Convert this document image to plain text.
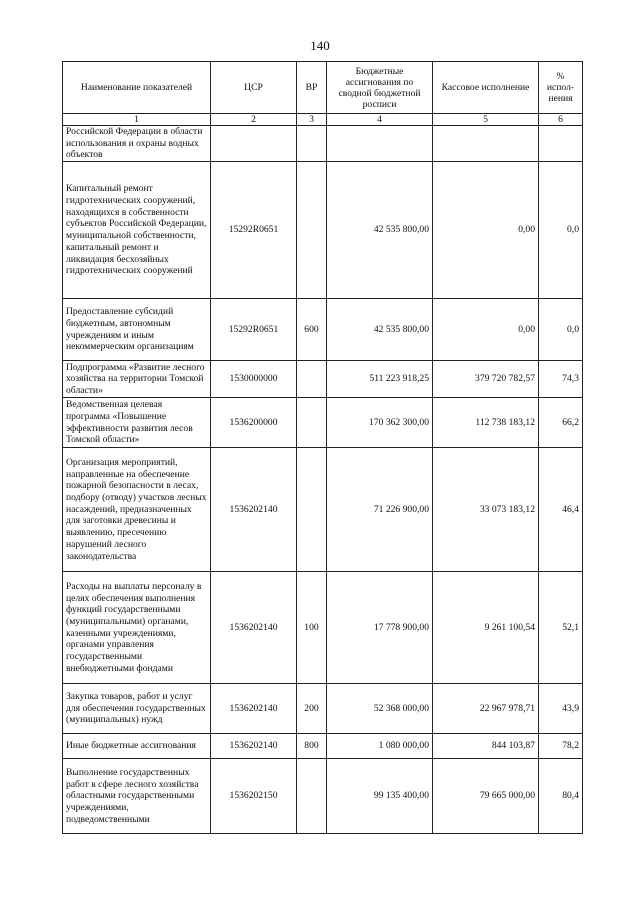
140
Наименование показателей	ЦСР	ВР	Бюджетные ассигнования по сводной бюджетной росписи	Кассовое исполнение	% испол-нения
1	2	3	4	5	6
Российской Федерации в области использования и охраны водных объектов					
Капитальный ремонт гидротехнических сооружений, находящихся в собственности субъектов Российской Федерации, муниципальной собственности, капитальный ремонт и ликвидация бесхозяйных гидротехнических сооружений	15292R0651		42 535 800,00	0,00	0,0
Предоставление субсидий бюджетным, автономным учреждениям и иным некоммерческим организациям	15292R0651	600	42 535 800,00	0,00	0,0
Подпрограмма «Развитие лесного хозяйства на территории Томской области»	1530000000		511 223 918,25	379 720 782,57	74,3
Ведомственная целевая программа «Повышение эффективности развития лесов Томской области»	1536200000		170 362 300,00	112 738 183,12	66,2
Организация мероприятий, направленные на обеспечение пожарной безопасности в лесах, подбору (отводу) участков лесных насаждений, предназначенных для заготовки древесины и выявлению, пресечению нарушений лесного законодательства	1536202140		71 226 900,00	33 073 183,12	46,4
Расходы на выплаты персоналу в целях обеспечения выполнения функций государственными (муниципальными) органами, казенными учреждениями, органами управления государственными внебюджетными фондами	1536202140	100	17 778 900,00	9 261 100,54	52,1
Закупка товаров, работ и услуг для обеспечения государственных (муниципальных) нужд	1536202140	200	52 368 000,00	22 967 978,71	43,9
Иные бюджетные ассигнования	1536202140	800	1 080 000,00	844 103,87	78,2
Выполнение государственных работ в сфере лесного хозяйства областными государственными учреждениями, подведомственными	1536202150		99 135 400,00	79 665 000,00	80,4
